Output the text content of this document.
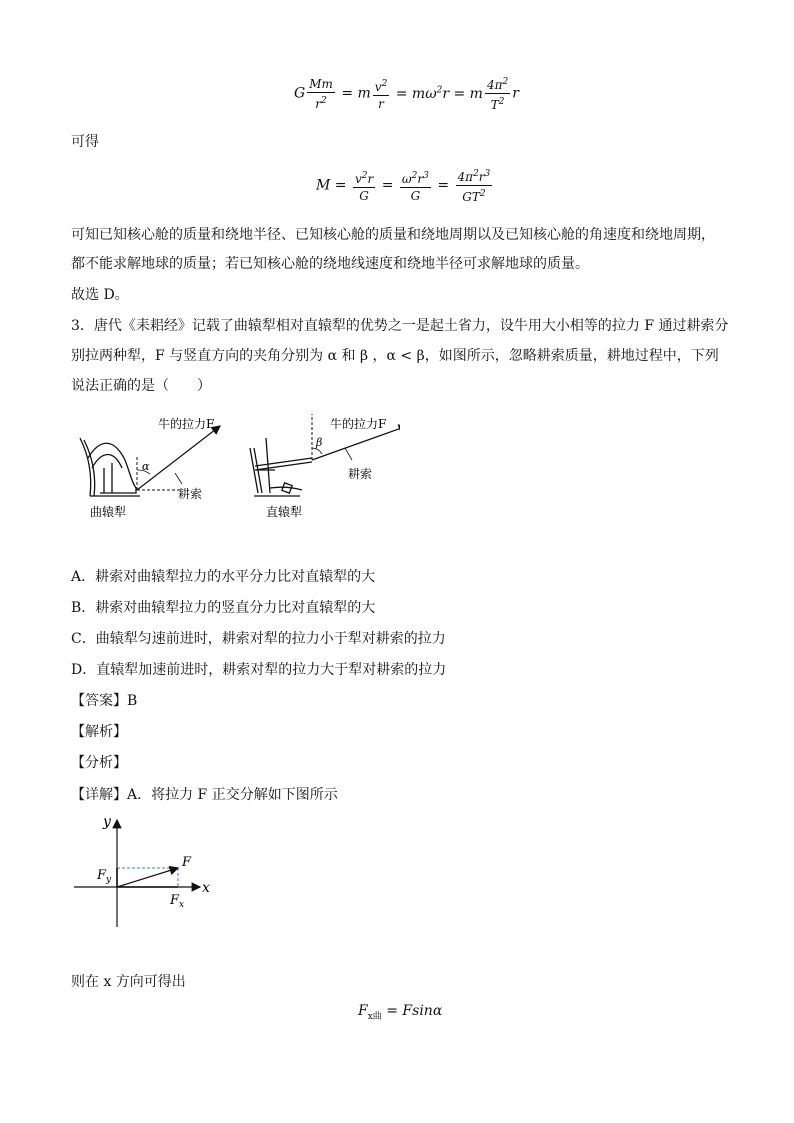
G $\frac{Mm}{r^2} = m \frac{v^2}{r} = m\omega^2r = m \frac{4\pi^2}{T^2}$ r
可得
$M = \frac{v^2r}{G} = \frac{\omega^2r^3}{G} = \frac{4\pi^2r^3}{GT^2}$
可知已知核心舱的质量和绕地半径、已知核心舱的质量和绕地周期以及已知核心舱的角速度和绕地周期，
都不能求解地球的质量；若已知核心舱的绕地线速度和绕地半径可求解地球的质量。
故选 D。
3．唐代《耒耜经》记载了曲辕犁相对直辕犁的优势之一是起土省力，设牛用大小相等的拉力 F 通过耕索分
别拉两种犁，F 与竖直方向的夹角分别为 α 和 β ，α < β，如图所示，忽略耕索质量，耕地过程中，下列
说法正确的是（　　）
α
牛的拉力F
耕索
曲辕犁
β
牛的拉力F
耕索
直辕犁
A．耕索对曲辕犁拉力的水平分力比对直辕犁的大
B．耕索对曲辕犁拉力的竖直分力比对直辕犁的大
C．曲辕犁匀速前进时，耕索对犁的拉力小于犁对耕索的拉力
D．直辕犁加速前进时，耕索对犁的拉力大于犁对耕索的拉力
【答案】B
【解析】
【分析】
【详解】A．将拉力 F 正交分解如下图所示
y
x
F
$F_y$
$F_x$
则在 x 方向可得出
$F_{x曲} = Fsin\alpha$
